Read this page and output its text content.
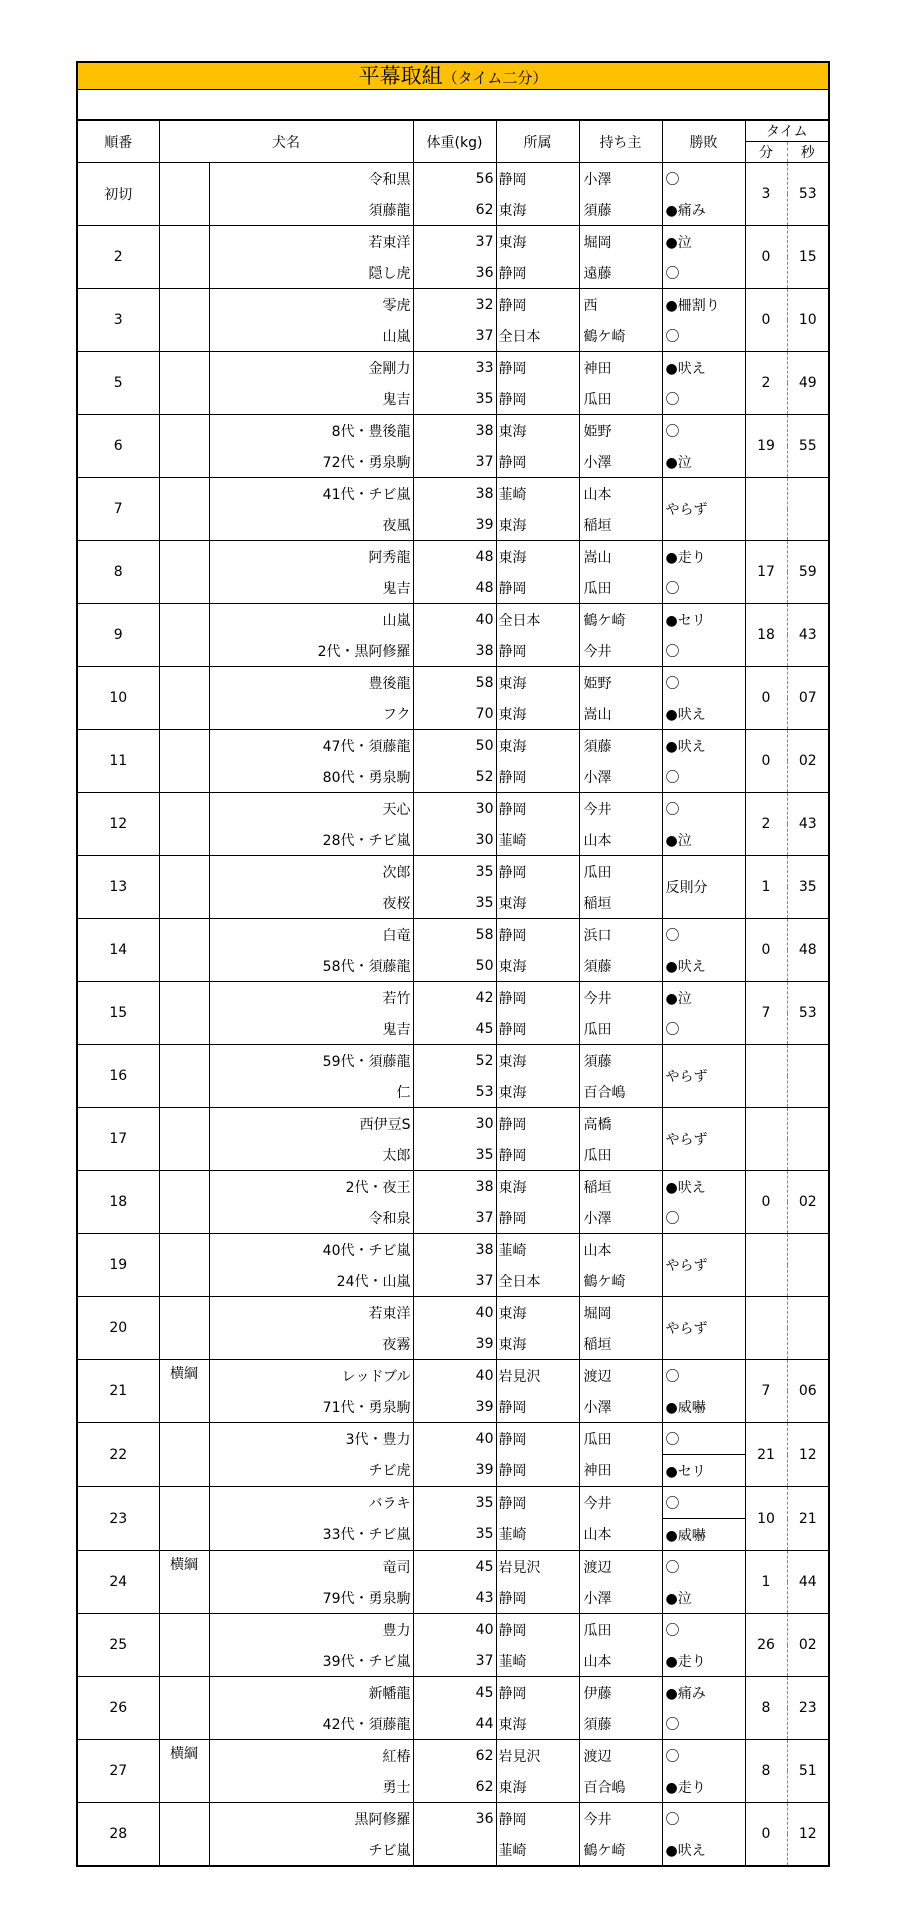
平幕取組（タイム二分）
順番	犬名		体重(kg)	所属	持ち主	勝敗	タイム	
							分	秒
初切		令和黒	56	静岡	小澤	〇	3	53
		須藤龍	62	東海	須藤	●痛み		
2		若東洋	37	東海	堀岡	●泣	0	15
		隠し虎	36	静岡	遠藤	〇		
3		零虎	32	静岡	西	●柵割り	0	10
		山嵐	37	全日本	鶴ケ崎	〇		
5		金剛力	33	静岡	神田	●吠え	2	49
		鬼吉	35	静岡	瓜田	〇		
6		8代・豊後龍	38	東海	姫野	〇	19	55
		72代・勇泉駒	37	静岡	小澤	●泣		
7		41代・チビ嵐	38	韮崎	山本	やらず		
		夜風	39	東海	稲垣			
8		阿秀龍	48	東海	嵩山	●走り	17	59
		鬼吉	48	静岡	瓜田	〇		
9		山嵐	40	全日本	鶴ケ崎	●セリ	18	43
		2代・黒阿修羅	38	静岡	今井	〇		
10		豊後龍	58	東海	姫野	〇	0	07
		フク	70	東海	嵩山	●吠え		
11		47代・須藤龍	50	東海	須藤	●吠え	0	02
		80代・勇泉駒	52	静岡	小澤	〇		
12		天心	30	静岡	今井	〇	2	43
		28代・チビ嵐	30	韮崎	山本	●泣		
13		次郎	35	静岡	瓜田	反則分	1	35
		夜桜	35	東海	稲垣			
14		白竜	58	静岡	浜口	〇	0	48
		58代・須藤龍	50	東海	須藤	●吠え		
15		若竹	42	静岡	今井	●泣	7	53
		鬼吉	45	静岡	瓜田	〇		
16		59代・須藤龍	52	東海	須藤	やらず		
		仁	53	東海	百合嶋			
17		西伊豆S	30	静岡	高橋	やらず		
		太郎	35	静岡	瓜田			
18		2代・夜王	38	東海	稲垣	●吠え	0	02
		令和泉	37	静岡	小澤	〇		
19		40代・チビ嵐	38	韮崎	山本	やらず		
		24代・山嵐	37	全日本	鶴ケ崎			
20		若東洋	40	東海	堀岡	やらず		
		夜霧	39	東海	稲垣			
21	横綱	レッドブル	40	岩見沢	渡辺	〇	7	06
		71代・勇泉駒	39	静岡	小澤	●威嚇		
22		3代・豊力	40	静岡	瓜田	〇	21	12
		チビ虎	39	静岡	神田	●セリ		
23		バラキ	35	静岡	今井	〇	10	21
		33代・チビ嵐	35	韮崎	山本	●威嚇		
24	横綱	竜司	45	岩見沢	渡辺	〇	1	44
		79代・勇泉駒	43	静岡	小澤	●泣		
25		豊力	40	静岡	瓜田	〇	26	02
		39代・チビ嵐	37	韮崎	山本	●走り		
26		新幡龍	45	静岡	伊藤	●痛み	8	23
		42代・須藤龍	44	東海	須藤	〇		
27	横綱	紅椿	62	岩見沢	渡辺	〇	8	51
		勇士	62	東海	百合嶋	●走り		
28		黒阿修羅	36	静岡	今井	〇	0	12
		チビ嵐		韮崎	鶴ケ崎	●吠え		
